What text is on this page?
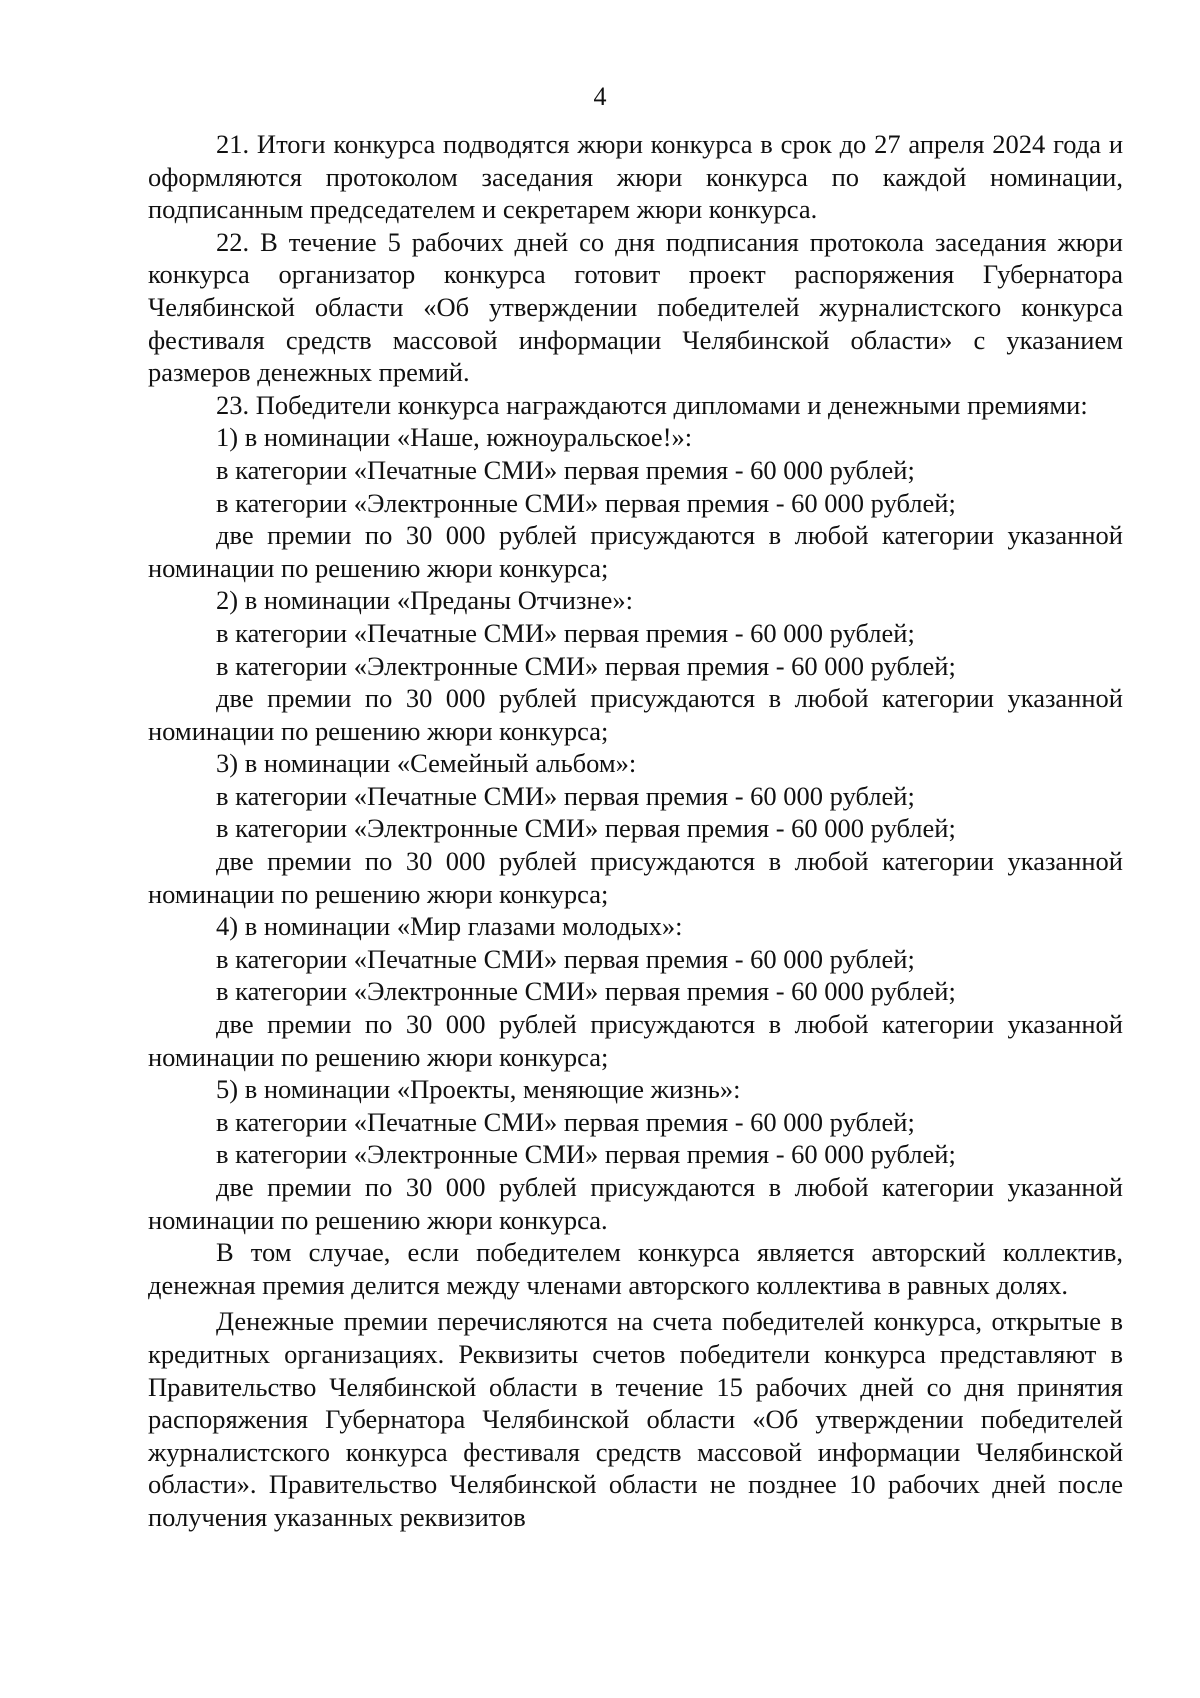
4

21. Итоги конкурса подводятся жюри конкурса в срок до 27 апреля 2024 года и оформляются протоколом заседания жюри конкурса по каждой номинации, подписанным председателем и секретарем жюри конкурса.

22. В течение 5 рабочих дней со дня подписания протокола заседания жюри конкурса организатор конкурса готовит проект распоряжения Губернатора Челябинской области «Об утверждении победителей журналистского конкурса фестиваля средств массовой информации Челябинской области» с указанием размеров денежных премий.

23. Победители конкурса награждаются дипломами и денежными премиями:

1) в номинации «Наше, южноуральское!»:

в категории «Печатные СМИ» первая премия - 60 000 рублей;

в категории «Электронные СМИ» первая премия - 60 000 рублей;

две премии по 30 000 рублей присуждаются в любой категории указанной номинации по решению жюри конкурса;

2) в номинации «Преданы Отчизне»:

в категории «Печатные СМИ» первая премия - 60 000 рублей;

в категории «Электронные СМИ» первая премия - 60 000 рублей;

две премии по 30 000 рублей присуждаются в любой категории указанной номинации по решению жюри конкурса;

3) в номинации «Семейный альбом»:

в категории «Печатные СМИ» первая премия - 60 000 рублей;

в категории «Электронные СМИ» первая премия - 60 000 рублей;

две премии по 30 000 рублей присуждаются в любой категории указанной номинации по решению жюри конкурса;

4) в номинации «Мир глазами молодых»:

в категории «Печатные СМИ» первая премия - 60 000 рублей;

в категории «Электронные СМИ» первая премия - 60 000 рублей;

две премии по 30 000 рублей присуждаются в любой категории указанной номинации по решению жюри конкурса;

5) в номинации «Проекты, меняющие жизнь»:

в категории «Печатные СМИ» первая премия - 60 000 рублей;

в категории «Электронные СМИ» первая премия - 60 000 рублей;

две премии по 30 000 рублей присуждаются в любой категории указанной номинации по решению жюри конкурса.

В том случае, если победителем конкурса является авторский коллектив, денежная премия делится между членами авторского коллектива в равных долях.

Денежные премии перечисляются на счета победителей конкурса, открытые в кредитных организациях. Реквизиты счетов победители конкурса представляют в Правительство Челябинской области в течение 15 рабочих дней со дня принятия распоряжения Губернатора Челябинской области «Об утверждении победителей журналистского конкурса фестиваля средств массовой информации Челябинской области». Правительство Челябинской области не позднее 10 рабочих дней после получения указанных реквизитов
